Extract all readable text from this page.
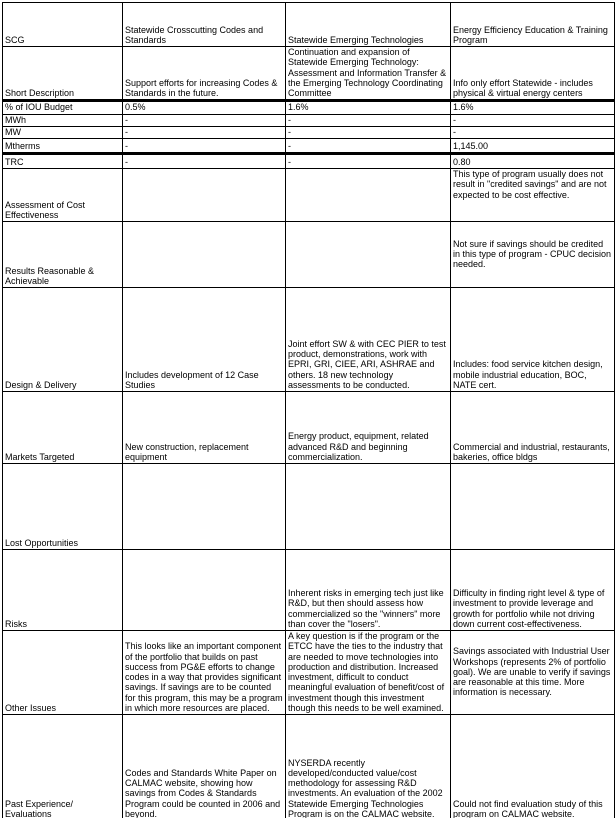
SCG	Statewide Crosscutting Codes and Standards	Statewide Emerging Technologies	Energy Efficiency Education & Training Program
Short Description	Support efforts for increasing Codes & Standards in the future.	Continuation and expansion of Statewide Emerging Technology: Assessment and Information Transfer & the Emerging Technology Coordinating Committee	Info only effort Statewide - includes physical & virtual energy centers
% of IOU Budget	0.5%	1.6%	1.6%
MWh	-	-	-
MW	-	-	-
Mtherms	-	-	1,145.00
TRC	-	-	0.80
Assessment of Cost Effectiveness			This type of program usually does not result in "credited savings" and are not expected to be cost effective.
Results Reasonable & Achievable			Not sure if savings should be credited in this type of program - CPUC decision needed.
Design & Delivery	Includes development of 12 Case Studies	Joint effort SW & with CEC PIER to test product, demonstrations, work with EPRI, GRI, CIEE, ARI, ASHRAE and others. 18 new technology assessments to be conducted.	Includes: food service kitchen design, mobile industrial education, BOC, NATE cert.
Markets Targeted	New construction, replacement equipment	Energy product, equipment, related advanced R&D and beginning commercialization.	Commercial and industrial, restaurants, bakeries, office bldgs
Lost Opportunities			
Risks		Inherent risks in emerging tech just like R&D, but then should assess how commercialized so the "winners" more than cover the "losers".	Difficulty in finding right level & type of investment to provide leverage and growth for portfolio while not driving down current cost-effectiveness.
Other Issues	This looks like an important component of the portfolio that builds on past success from PG&E efforts to change codes in a way that provides significant savings. If savings are to be counted for this program, this may be a program in which more resources are placed.	A key question is if the program or the ETCC have the ties to the industry that are needed to move technologies into production and distribution. Increased investment, difficult to conduct meaningful evaluation of benefit/cost of investment though this investment though this needs to be well examined.	Savings associated with Industrial User Workshops (represents 2% of portfolio goal). We are unable to verify if savings are reasonable at this time. More information is necessary.
Past Experience/ Evaluations	Codes and Standards White Paper on CALMAC website, showing how savings from Codes & Standards Program could be counted in 2006 and beyond.	NYSERDA recently developed/conducted value/cost methodology for assessing R&D investments. An evaluation of the 2002 Statewide Emerging Technologies Program is on the CALMAC website.	Could not find evaluation study of this program on CALMAC website.
